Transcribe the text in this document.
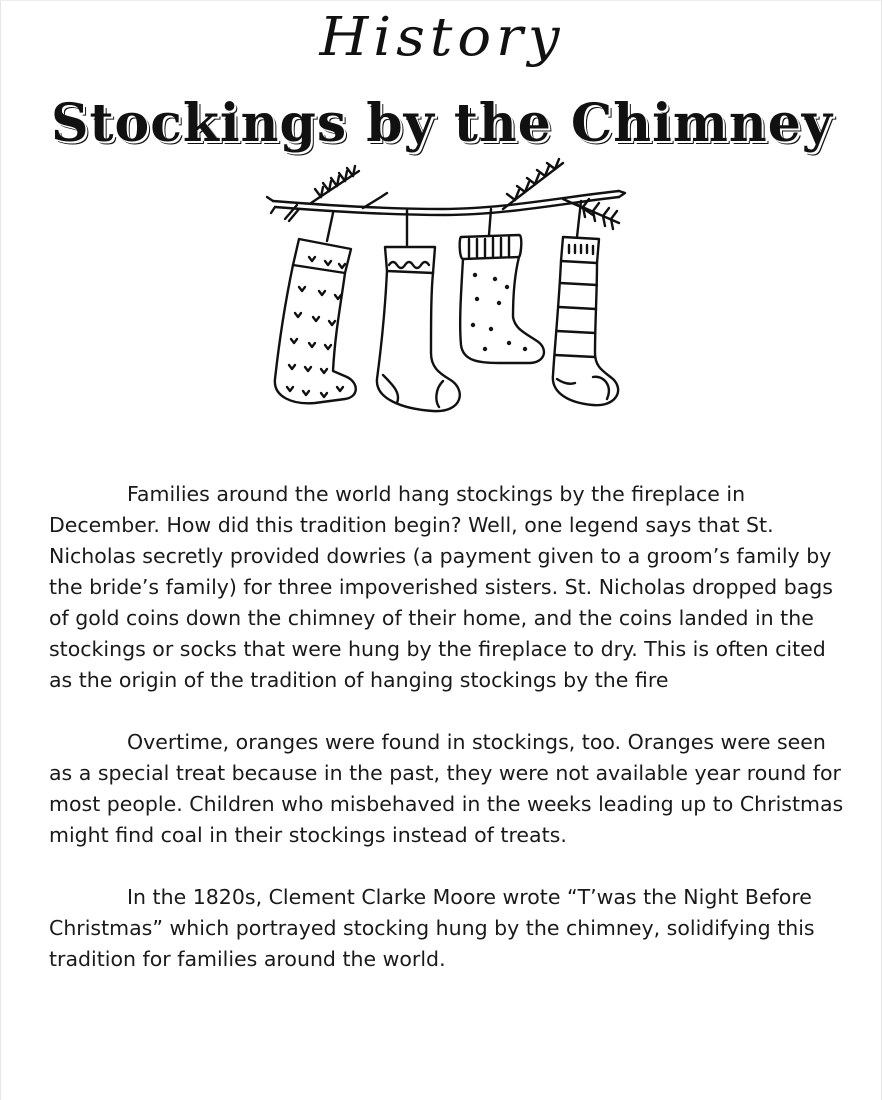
History
Stockings by the Chimney

Families around the world hang stockings by the fireplace in December. How did this tradition begin? Well, one legend says that St. Nicholas secretly provided dowries (a payment given to a groom’s family by the bride’s family) for three impoverished sisters. St. Nicholas dropped bags of gold coins down the chimney of their home, and the coins landed in the stockings or socks that were hung by the fireplace to dry. This is often cited as the origin of the tradition of hanging stockings by the fire

Overtime, oranges were found in stockings, too. Oranges were seen as a special treat because in the past, they were not available year round for most people. Children who misbehaved in the weeks leading up to Christmas might find coal in their stockings instead of treats.

In the 1820s, Clement Clarke Moore wrote “T’was the Night Before Christmas” which portrayed stocking hung by the chimney, solidifying this tradition for families around the world.
